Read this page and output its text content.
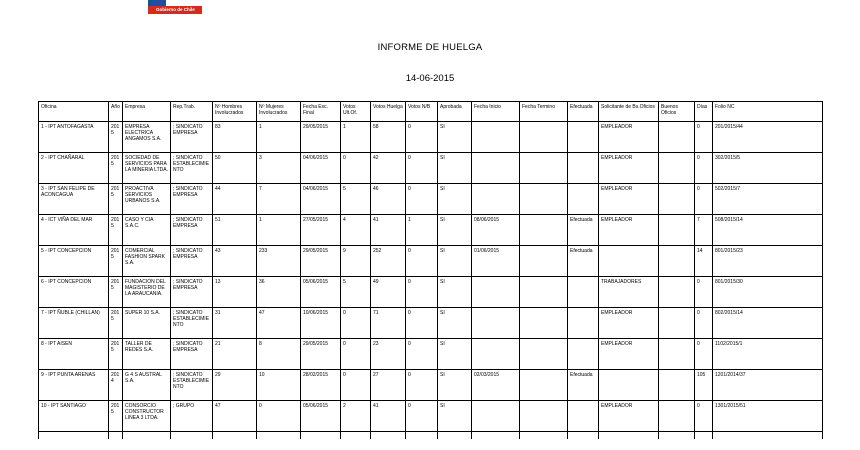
Gobierno de Chile
INFORME DE HUELGA
14-06-2015
Oficina	Año	Empresa	Rep.Trab.	Nº Hombres Involucrados	Nº Mujeres Involucrados	Fecha Exc. Final	Votos Ult.Of.	Votos Huelga	Votos N/B	Aprobada	Fecha Inicio	Fecha Termino	Efectuada	Solicitante de Bs.Oficios	Buenos Oficios	Días	Folio NC
1 - IPT ANTOFAGASTA	2015	EMPRESA ELECTRICA ANGAMOS S.A.	; SINDICATO EMPRESA	83	1	29/05/2015	1	58	0	SI				EMPLEADOR		0	201/2015/44
2 - IPT CHAÑARAL	2015	SOCIEDAD DE SERVICIOS PARA LA MINERIA LTDA.	; SINDICATO ESTABLECIMIENTO	50	3	04/06/2015	0	42	0	SI				EMPLEADOR		0	302/2015/5
3 - IPT SAN FELIPE DE ACONCAGUA	2015	PROACTIVA SERVICIOS URBANOS S.A.	; SINDICATO EMPRESA	44	7	04/06/2015	5	46	0	SI				EMPLEADOR		0	502/2015/7
4 - ICT VIÑA DEL MAR	2015	CASO Y CIA S.A.C.	; SINDICATO EMPRESA	51	1	27/05/2015	4	41	1	SI	08/06/2015		Efectuada	EMPLEADOR		7	508/2015/14
5 - IPT CONCEPCION	2015	COMERCIAL FASHION SPARK S.A.	; SINDICATO EMPRESA	43	233	29/05/2015	9	252	0	SI	01/06/2015		Efectuada			14	801/2015/23
6 - IPT CONCEPCION	2015	FUNDACION DEL MAGISTERIO DE LA ARAUCANIA.	; SINDICATO EMPRESA	13	36	05/06/2015	5	49	0	SI				TRABAJADORES		0	801/2015/30
7 - IPT ÑUBLE (CHILLAN)	2015	SUPER 10 S.A.	; SINDICATO ESTABLECIMIENTO	31	47	10/06/2015	0	71	0	SI				EMPLEADOR		0	802/2015/14
8 - IPT AISEN	2015	TALLER DE REDES S.A.	; SINDICATO EMPRESA	21	8	29/05/2015	0	23	0	SI				EMPLEADOR		0	1102/2015/1
9 - IPT PUNTA ARENAS	2014	G 4 S AUSTRAL S.A.	; SINDICATO ESTABLECIMIENTO	29	10	28/02/2015	0	27	0	SI	02/03/2015		Efectuada			105	1201/2014/37
10 - IPT SANTIAGO	2015	CONSORCIO CONSTRUCTOR LINEA 3 LTDA.	; GRUPO	47	0	05/06/2015	2	41	0	SI				EMPLEADOR		0	1301/2015/51
